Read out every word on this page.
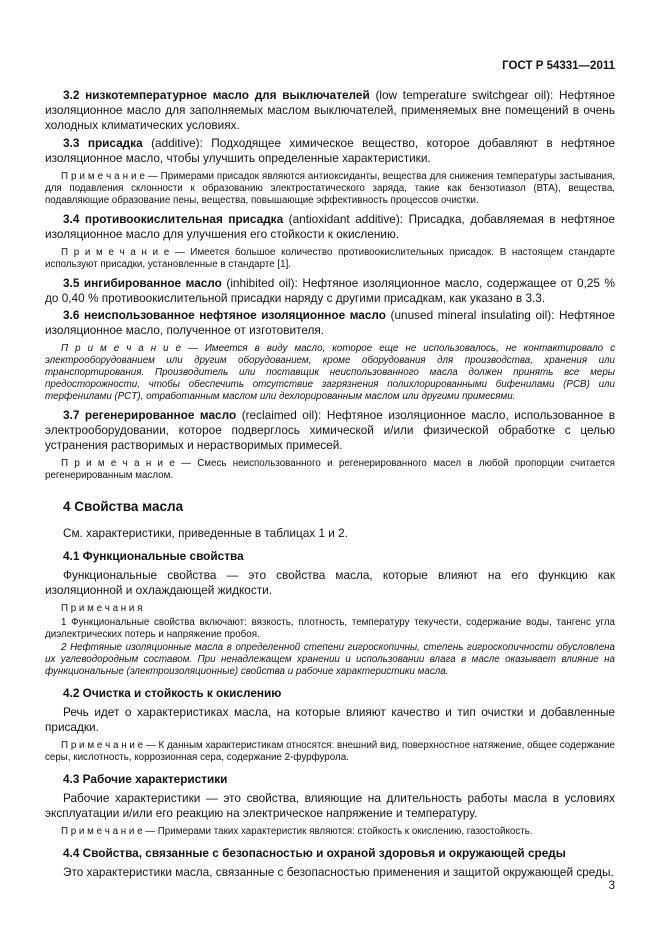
ГОСТ Р 54331—2011

3.2 низкотемпературное масло для выключателей (low temperature switchgear oil): Нефтяное изоляционное масло для заполняемых маслом выключателей, применяемых вне помещений в очень холодных климатических условиях.

3.3 присадка (additive): Подходящее химическое вещество, которое добавляют в нефтяное изоляционное масло, чтобы улучшить определенные характеристики.

П р и м е ч а н и е — Примерами присадок являются антиоксиданты, вещества для снижения температуры застывания, для подавления склонности к образованию электростатического заряда, такие как бензотиазол (ВТА), вещества, подавляющие образование пены, вещества, повышающие эффективность процессов очистки.

3.4 противоокислительная присадка (antioxidant additive): Присадка, добавляемая в нефтяное изоляционное масло для улучшения его стойкости к окислению.

П р и м е ч а н и е — Имеется большое количество противоокислительных присадок. В настоящем стандарте используют присадки, установленные в стандарте [1].

3.5 ингибированное масло (inhibited oil): Нефтяное изоляционное масло, содержащее от 0,25 % до 0,40 % противоокислительной присадки наряду с другими присадкам, как указано в 3.3.

3.6 неиспользованное нефтяное изоляционное масло (unused mineral insulating oil): Нефтяное изоляционное масло, полученное от изготовителя.

П р и м е ч а н и е — Имеется в виду масло, которое еще не использовалось, не контактировало с электрооборудованием или другим оборудованием, кроме оборудования для производства, хранения или транспортирования. Производитель или поставщик неиспользованного масла должен принять все меры предосторожности, чтобы обеспечить отсутствие загрязнения полихлорированными бифенилами (PCB) или терфенилами (PCT), отработанным маслом или дехлорированным маслом или другими примесями.

3.7 регенерированное масло (reclaimed oil): Нефтяное изоляционное масло, использованное в электрооборудовании, которое подверглось химической и/или физической обработке с целью устранения растворимых и нерастворимых примесей.

П р и м е ч а н и е — Смесь неиспользованного и регенерированного масел в любой пропорции считается регенерированным маслом.

4 Свойства масла

См. характеристики, приведенные в таблицах 1 и 2.

4.1 Функциональные свойства

Функциональные свойства — это свойства масла, которые влияют на его функцию как изоляционной и охлаждающей жидкости.

П р и м е ч а н и я

1 Функциональные свойства включают: вязкость, плотность, температуру текучести, содержание воды, тангенс угла диэлектрических потерь и напряжение пробоя.

2 Нефтяные изоляционные масла в определенной степени гигроскопичны, степень гигроскопичности обусловлена их углеводородным составом. При ненадлежащем хранении и использовании влага в масле оказывает влияние на функциональные (электроизоляционные) свойства и рабочие характеристики масла.

4.2 Очистка и стойкость к окислению

Речь идет о характеристиках масла, на которые влияют качество и тип очистки и добавленные присадки.

П р и м е ч а н и е — К данным характеристикам относятся: внешний вид, поверхностное натяжение, общее содержание серы, кислотность, коррозионная сера, содержание 2-фурфурола.

4.3 Рабочие характеристики

Рабочие характеристики — это свойства, влияющие на длительность работы масла в условиях эксплуатации и/или его реакцию на электрическое напряжение и температуру.

П р и м е ч а н и е — Примерами таких характеристик являются: стойкость к окислению, газостойкость.

4.4 Свойства, связанные с безопасностью и охраной здоровья и окружающей среды

Это характеристики масла, связанные с безопасностью применения и защитой окружающей среды.

3
